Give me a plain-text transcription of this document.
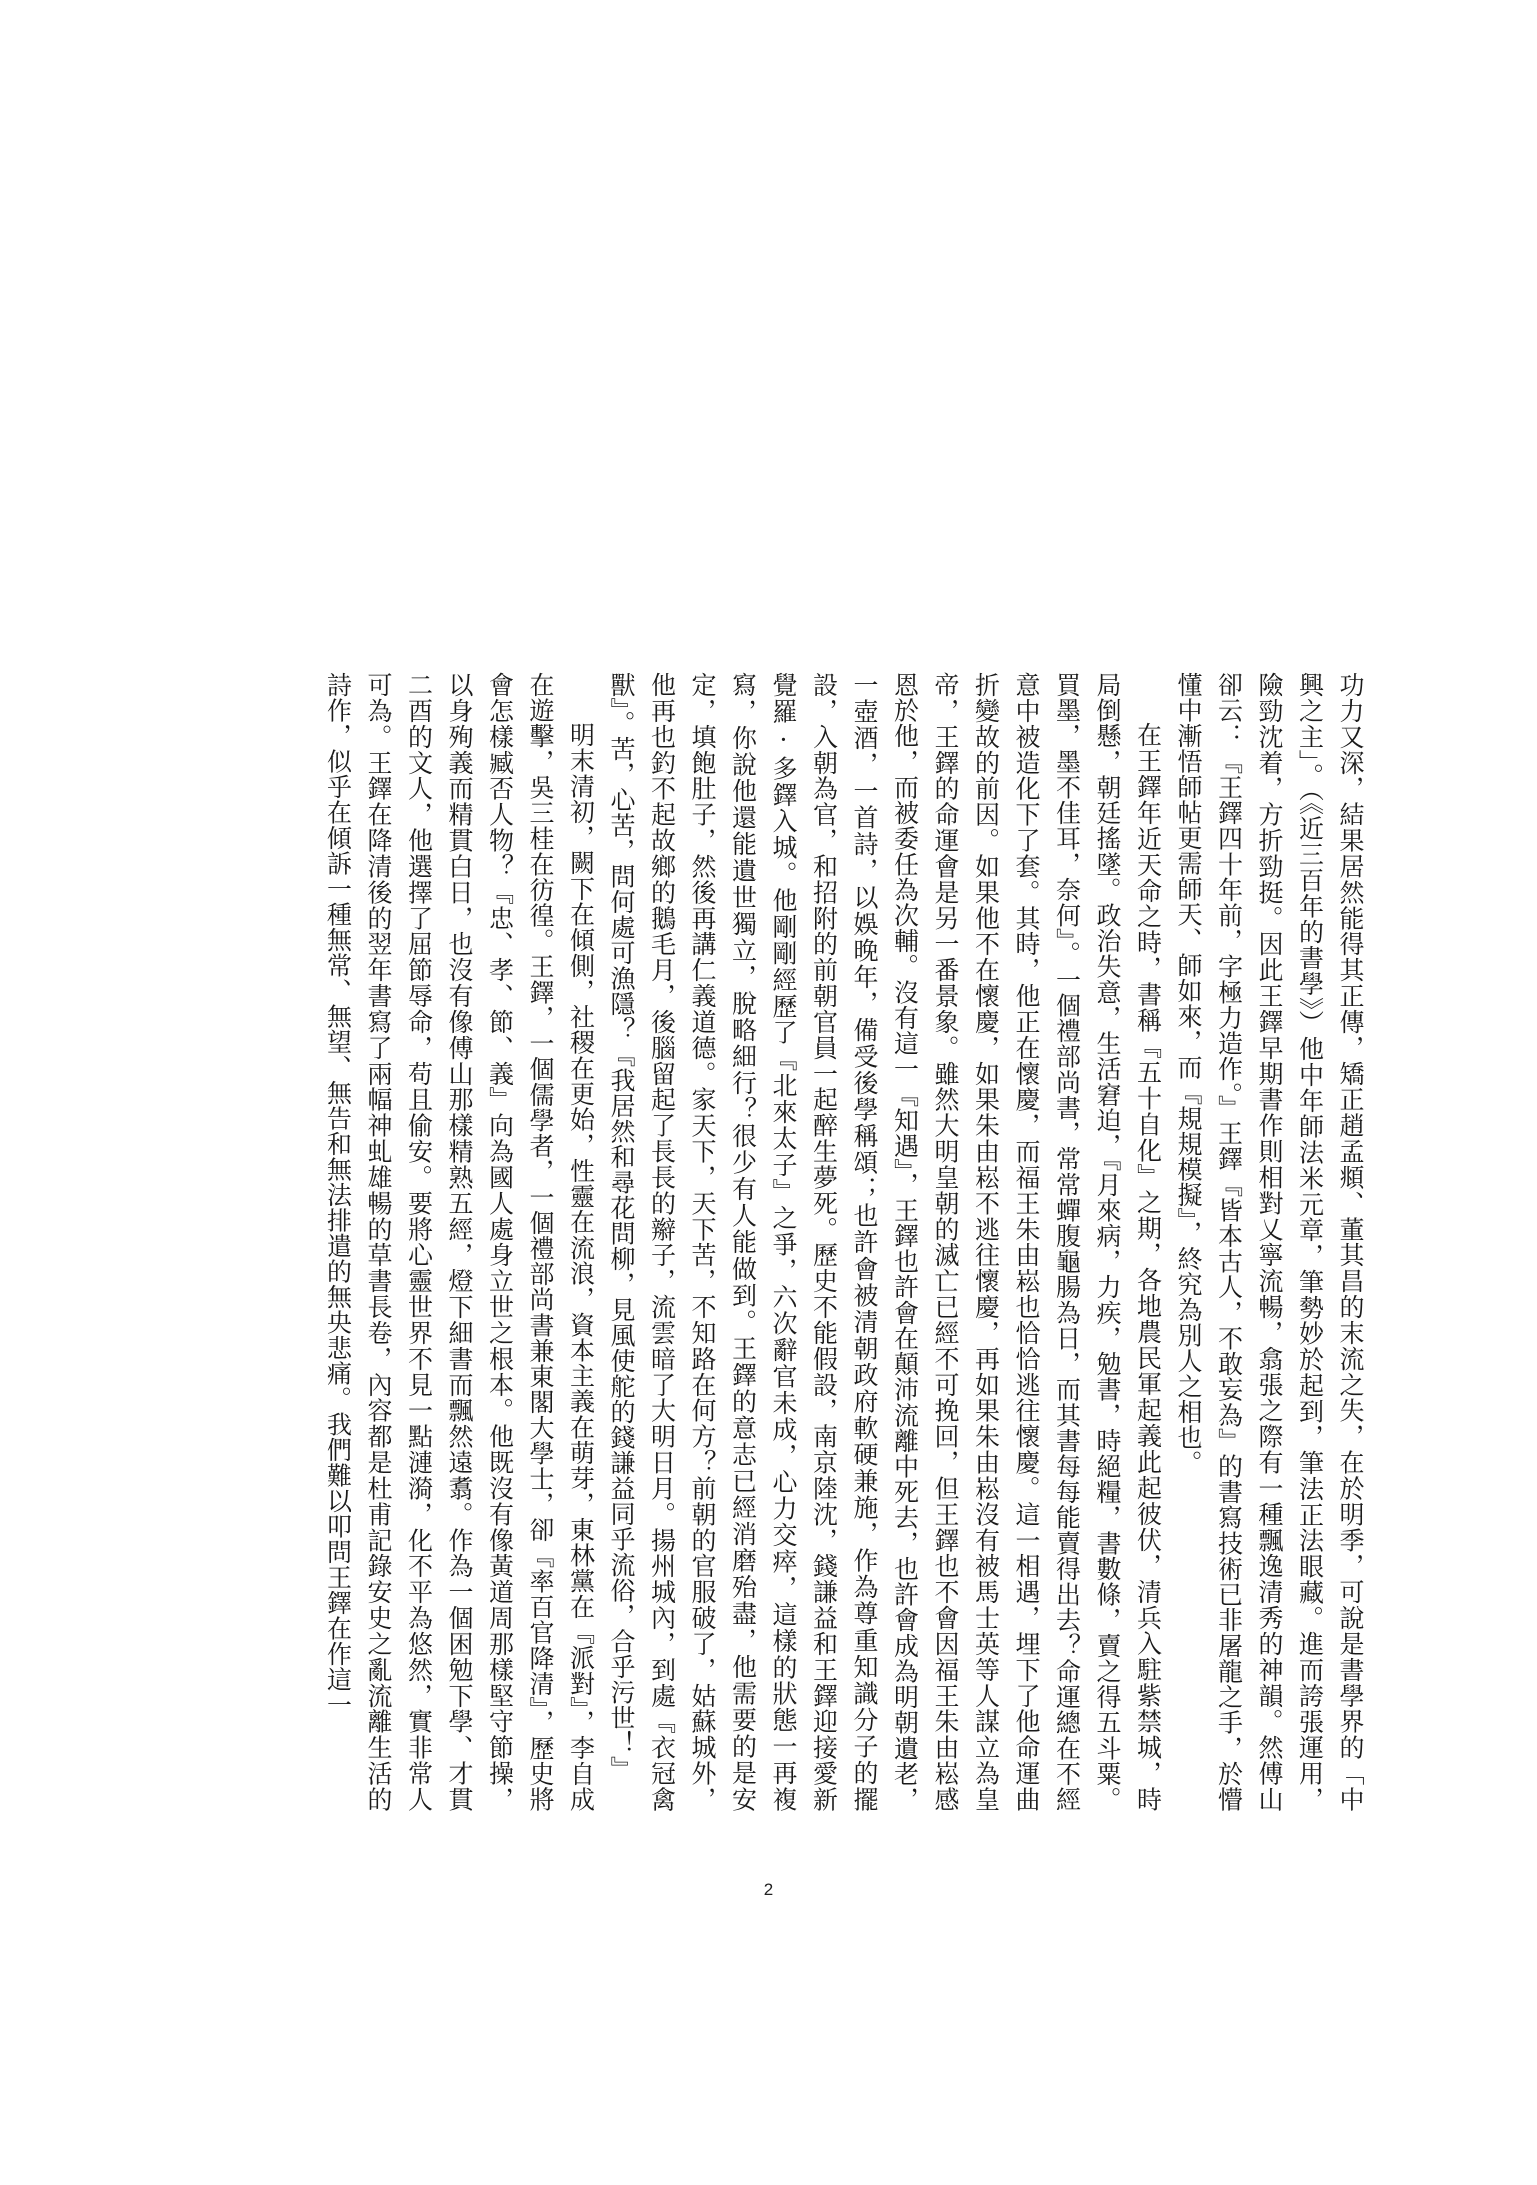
功力又深，結果居然能得其正傳，矯正趙孟頫、董其昌的末流之失，在於明季，可說是書學界的「中興之主」。（《近三百年的書學》）他中年師法米元章，筆勢妙於起到，筆法正法眼藏。進而誇張運用，險勁沈着，方折勁挺。因此王鐸早期書作則相對乂寧流暢，翕張之際有一種飄逸清秀的神韻。然傅山卻云：『王鐸四十年前，字極力造作。』王鐸『皆本古人，不敢妄為』的書寫技術已非屠龍之手，於懵懂中漸悟師帖更需師天、師如來，而『規規模擬』，終究為別人之相也。

在王鐸年近天命之時，書稱『五十自化』之期，各地農民軍起義此起彼伏，清兵入駐紫禁城，時局倒懸，朝廷搖墜。政治失意，生活窘迫，『月來病，力疾，勉書，時絕糧，書數條，賣之得五斗粟。買墨，墨不佳耳，奈何』。一個禮部尚書，常常蟬腹龜腸為日，而其書每每能賣得出去？命運總在不經意中被造化下了套。其時，他正在懷慶，而福王朱由崧也恰恰逃往懷慶。這一相遇，埋下了他命運曲折變故的前因。如果他不在懷慶，如果朱由崧不逃往懷慶，再如果朱由崧沒有被馬士英等人謀立為皇帝，王鐸的命運會是另一番景象。雖然大明皇朝的滅亡已經不可挽回，但王鐸也不會因福王朱由崧感恩於他，而被委任為次輔。沒有這一『知遇』，王鐸也許會在顛沛流離中死去，也許會成為明朝遺老，一壺酒，一首詩，以娛晚年，備受後學稱頌；也許會被清朝政府軟硬兼施，作為尊重知識分子的擺設，入朝為官，和招附的前朝官員一起醉生夢死。歷史不能假設，南京陸沈，錢謙益和王鐸迎接愛新覺羅·多鐸入城。他剛剛經歷了『北來太子』之爭，六次辭官未成，心力交瘁，這樣的狀態一再複寫，你說他還能遺世獨立，脫略細行？很少有人能做到。王鐸的意志已經消磨殆盡，他需要的是安定，填飽肚子，然後再講仁義道德。家天下，天下苦，不知路在何方？前朝的官服破了，姑蘇城外，他再也釣不起故鄉的鵝毛月，後腦留起了長長的辮子，流雲暗了大明日月。揚州城內，到處『衣冠禽獸』。苦，心苦，問何處可漁隱？『我居然和尋花問柳，見風使舵的錢謙益同乎流俗，合乎污世！』

明末清初，闕下在傾側，社稷在更始，性靈在流浪，資本主義在萌芽，東林黨在『派對』，李自成在遊擊，吳三桂在彷徨。王鐸，一個儒學者，一個禮部尚書兼東閣大學士，卻『率百官降清』，歷史將會怎樣臧否人物？『忠、孝、節、義』向為國人處身立世之根本。他既沒有像黃道周那樣堅守節操，以身殉義而精貫白日，也沒有像傅山那樣精熟五經，燈下細書而飄然遠翥。作為一個困勉下學、才貫二酉的文人，他選擇了屈節辱命，苟且偷安。要將心靈世界不見一點漣漪，化不平為悠然，實非常人可為。王鐸在降清後的翌年書寫了兩幅神虬雄暢的草書長卷，內容都是杜甫記錄安史之亂流離生活的詩作，似乎在傾訴一種無常、無望、無告和無法排遣的無央悲痛。我們難以叩問王鐸在作這一

2
